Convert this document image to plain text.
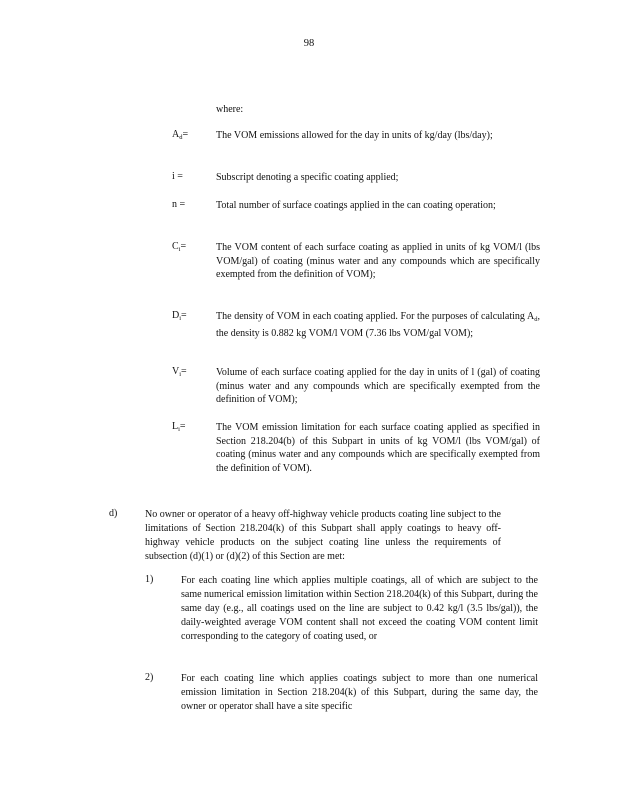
98
where:
$A_d=$	The VOM emissions allowed for the day in units of kg/day (lbs/day);
i =	Subscript denoting a specific coating applied;
n =	Total number of surface coatings applied in the can coating operation;
$C_i=$	The VOM content of each surface coating as applied in units of kg VOM/l (lbs VOM/gal) of coating (minus water and any compounds which are specifically exempted from the definition of VOM);
$D_i=$	The density of VOM in each coating applied. For the purposes of calculating $A_d$, the density is 0.882 kg VOM/l VOM (7.36 lbs VOM/gal VOM);
$V_i=$	Volume of each surface coating applied for the day in units of l (gal) of coating (minus water and any compounds which are specifically exempted from the definition of VOM);
$L_i=$	The VOM emission limitation for each surface coating applied as specified in Section 218.204(b) of this Subpart in units of kg VOM/l (lbs VOM/gal) of coating (minus water and any compounds which are specifically exempted from the definition of VOM).
d)	No owner or operator of a heavy off-highway vehicle products coating line subject to the limitations of Section 218.204(k) of this Subpart shall apply coatings to heavy off-highway vehicle products on the subject coating line unless the requirements of subsection (d)(1) or (d)(2) of this Section are met:
1)	For each coating line which applies multiple coatings, all of which are subject to the same numerical emission limitation within Section 218.204(k) of this Subpart, during the same day (e.g., all coatings used on the line are subject to 0.42 kg/l (3.5 lbs/gal)), the daily-weighted average VOM content shall not exceed the coating VOM content limit corresponding to the category of coating used, or
2)	For each coating line which applies coatings subject to more than one numerical emission limitation in Section 218.204(k) of this Subpart, during the same day, the owner or operator shall have a site specific
